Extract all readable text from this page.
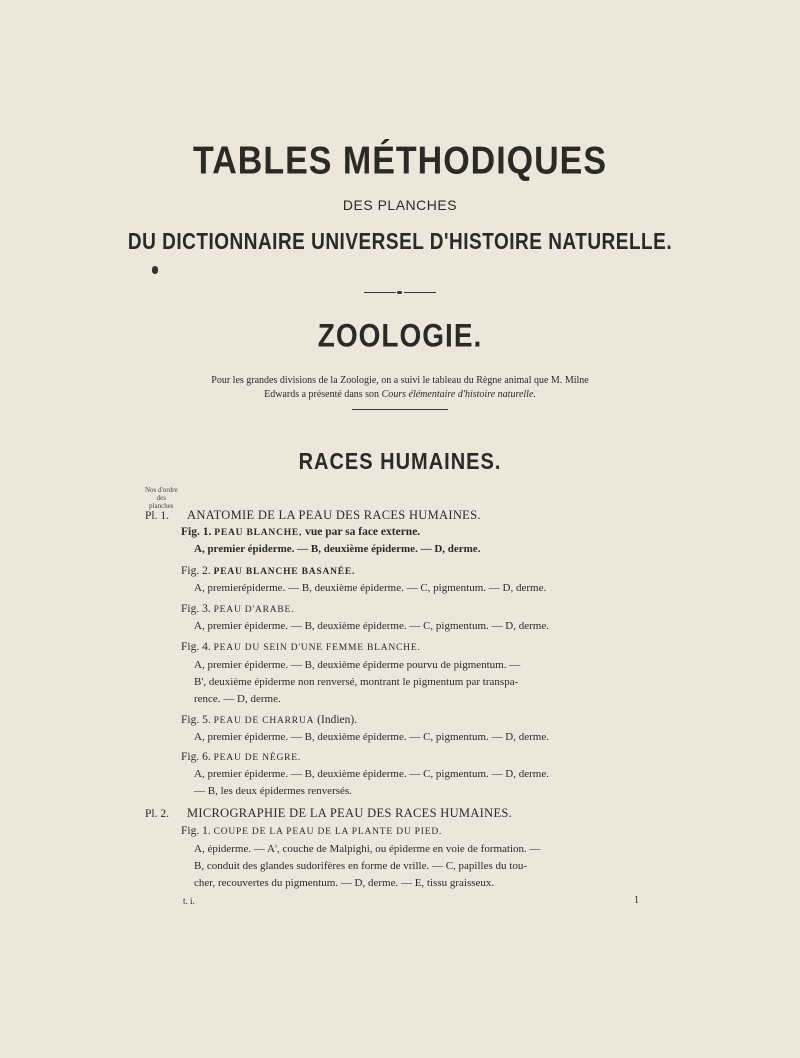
TABLES MÉTHODIQUES
DES PLANCHES
DU DICTIONNAIRE UNIVERSEL D'HISTOIRE NATURELLE.
ZOOLOGIE.
Pour les grandes divisions de la Zoologie, on a suivi le tableau du Règne animal que M. Milne
Edwards a présenté dans son Cours élémentaire d'histoire naturelle.
RACES HUMAINES.
Nos d'ordre
des
planches
Pl. 1. ANATOMIE DE LA PEAU DES RACES HUMAINES.
Fig. 1. PEAU BLANCHE, vue par sa face externe.
A, premier épiderme. — B, deuxième épiderme. — D, derme.
Fig. 2. PEAU BLANCHE BASANÉE.
A, premierépiderme. — B, deuxième épiderme. — C, pigmentum. — D, derme.
Fig. 3. PEAU D'ARABE.
A, premier épiderme. — B, deuxième épiderme. — C, pigmentum. — D, derme.
Fig. 4. PEAU DU SEIN D'UNE FEMME BLANCHE.
A, premier épiderme. — B, deuxième épiderme pourvu de pigmentum. —
B', deuxième épiderme non renversé, montrant le pigmentum par transpa-
rence. — D, derme.
Fig. 5. PEAU DE CHARRUA (Indien).
A, premier épiderme. — B, deuxième épiderme. — C, pigmentum. — D, derme.
Fig. 6. PEAU DE NÈGRE.
A, premier épiderme. — B, deuxième épiderme. — C, pigmentum. — D, derme.
— B, les deux épidermes renversés.
Pl. 2. MICROGRAPHIE DE LA PEAU DES RACES HUMAINES.
Fig. 1. COUPE DE LA PEAU DE LA PLANTE DU PIED.
A, épiderme. — A', couche de Malpighi, ou épiderme en voie de formation. —
B, conduit des glandes sudorifères en forme de vrille. — C, papilles du tou-
cher, recouvertes du pigmentum. — D, derme. — E, tissu graisseux.
t. i.	1
